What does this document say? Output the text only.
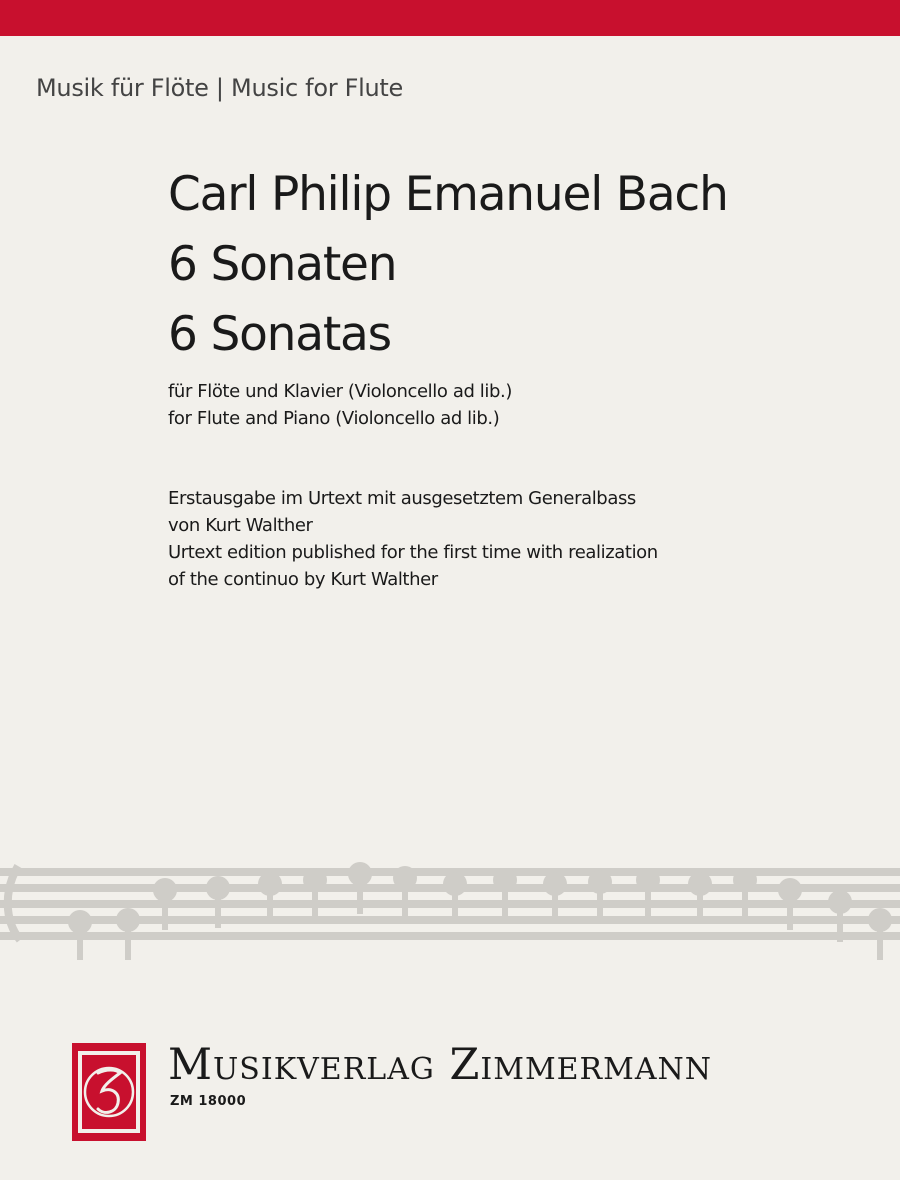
Musik für Flöte | Music for Flute
Carl Philip Emanuel Bach
6 Sonaten
6 Sonatas
für Flöte und Klavier (Violoncello ad lib.)
for Flute and Piano (Violoncello ad lib.)
Erstausgabe im Urtext mit ausgesetztem Generalbass
von Kurt Walther
Urtext edition published for the first time with realization
of the continuo by Kurt Walther
Musikverlag Zimmermann
ZM 18000
